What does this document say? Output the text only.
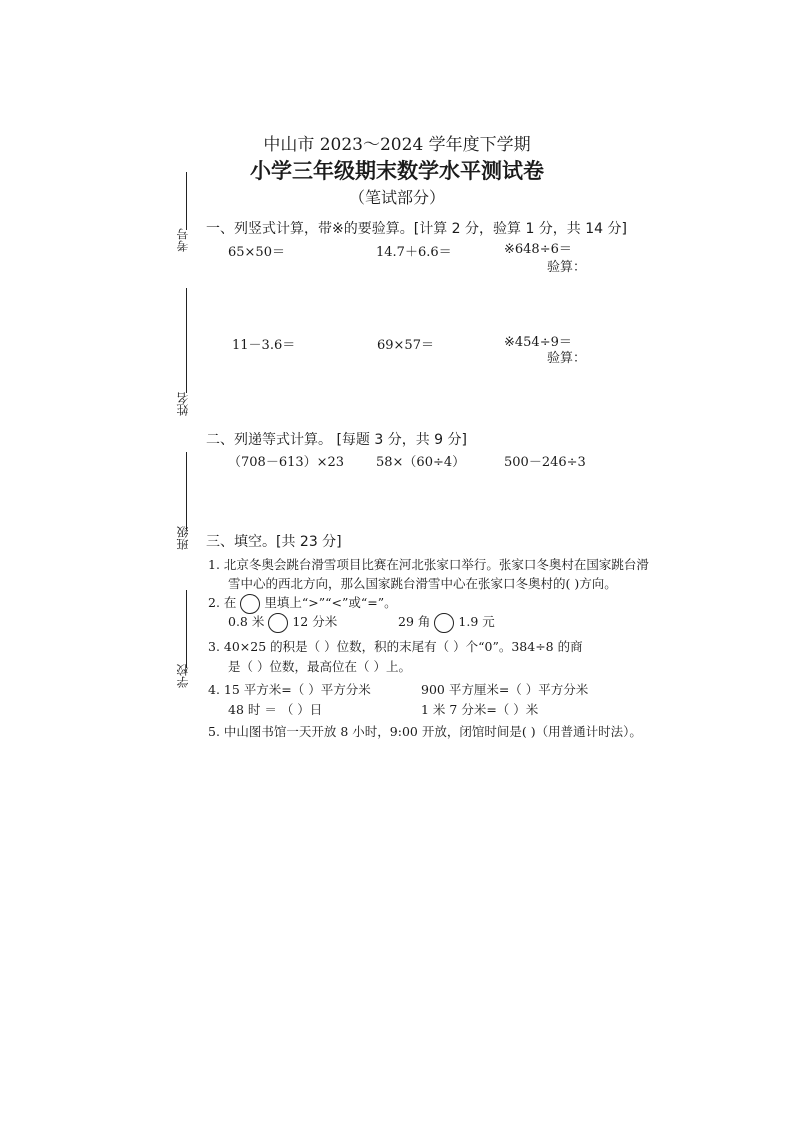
中山市 2023～2024 学年度下学期
小学三年级期末数学水平测试卷
（笔试部分）
考号
姓名
班级
学校
一、列竖式计算，带※的要验算。[计算 2 分，验算 1 分，共 14 分]
65×50＝	14.7＋6.6＝	※648÷6＝
验算：
11－3.6＝	69×57＝	※454÷9＝
验算：
二、列递等式计算。 [每题 3 分，共 9 分]
（708－613）×23 58×（60÷4）	500－246÷3
三、填空。[共 23 分]
1. 北京冬奥会跳台滑雪项目比赛在河北张家口举行。张家口冬奥村在国家跳台滑
雪中心的西北方向，那么国家跳台滑雪中心在张家口冬奥村的( )方向。
2. 在 里填上“>”“<”或“=”。
0.8 米 12 分米	29 角 1.9 元
3. 40×25 的积是（ ）位数，积的末尾有（ ）个“0”。384÷8 的商
是（ ）位数，最高位在（ ）上。
4. 15 平方米=（ ）平方分米	900 平方厘米=（ ）平方分米
48 时 ＝ （ ）日	1 米 7 分米=（ ）米
5. 中山图书馆一天开放 8 小时，9:00 开放，闭馆时间是( )（用普通计时法）。
